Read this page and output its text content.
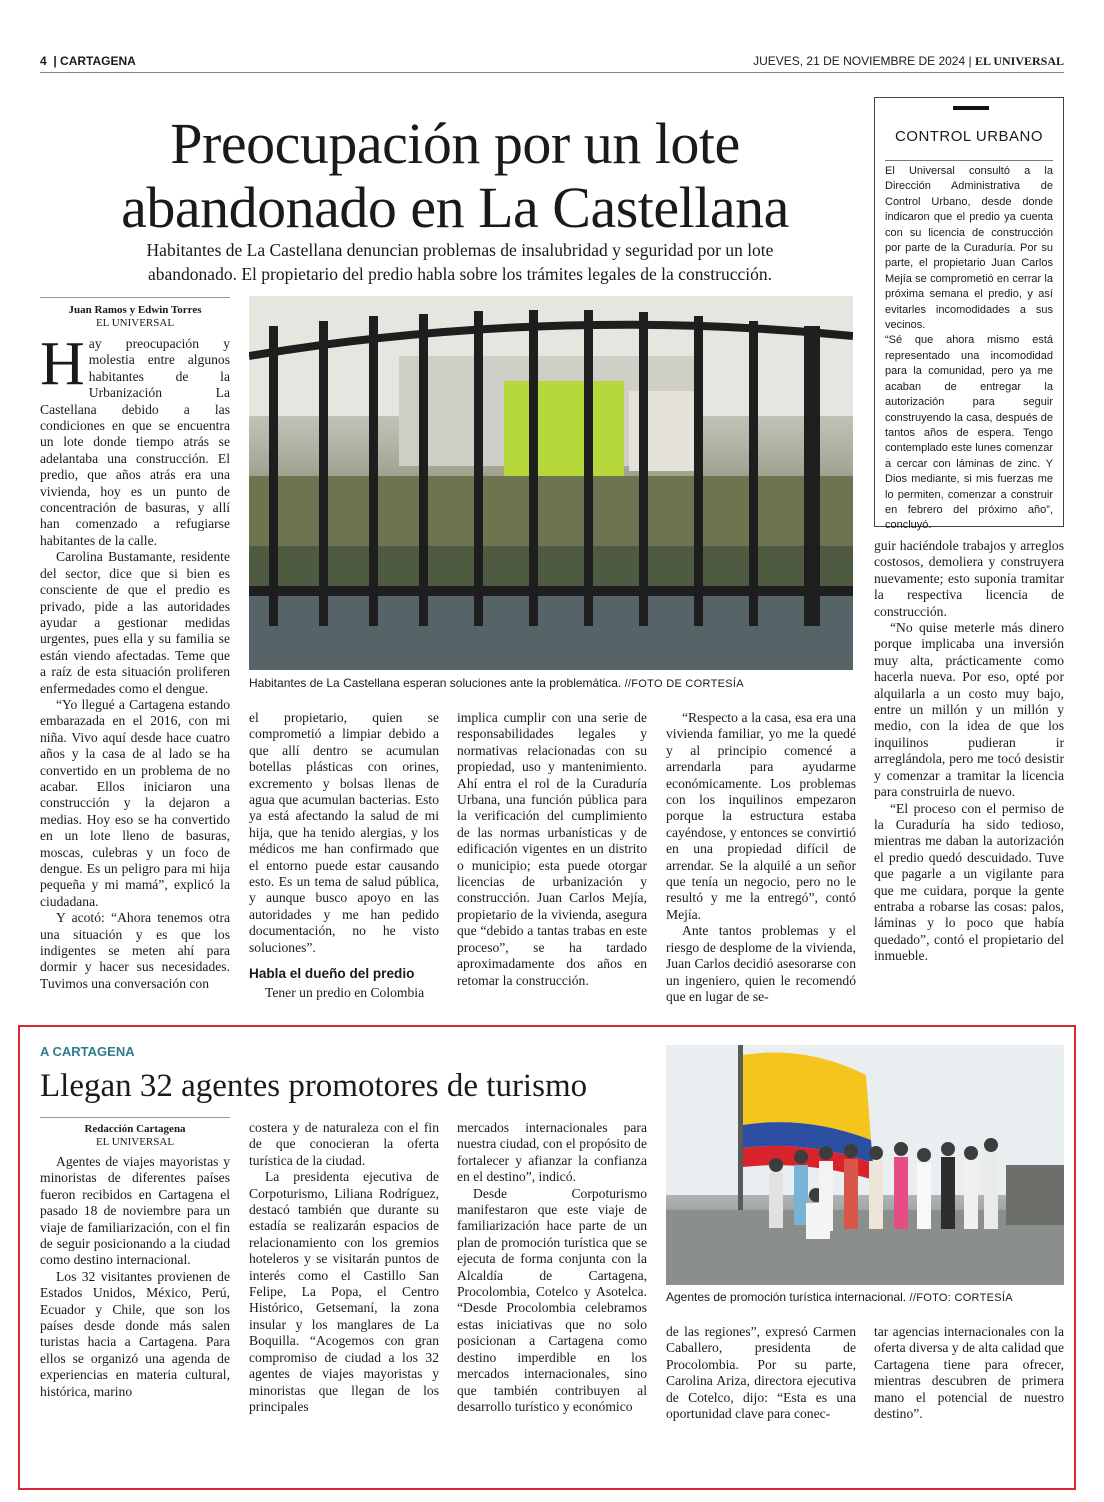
4  | CARTAGENA	JUEVES, 21 DE NOVIEMBRE DE 2024 | EL UNIVERSAL
Preocupación por un lote
abandonado en La Castellana
Habitantes de La Castellana denuncian problemas de insalubridad y seguridad por un lote
abandonado. El propietario del predio habla sobre los trámites legales de la construcción.
CONTROL URBANO

El Universal consultó a la Dirección Administrativa de Control Urbano, desde donde indicaron que el predio ya cuenta con su licencia de construcción por parte de la Curaduría. Por su parte, el propietario Juan Carlos Mejía se comprometió en cerrar la próxima semana el predio, y así evitarles incomodidades a sus vecinos.

“Sé que ahora mismo está representado una incomodidad para la comunidad, pero ya me acaban de entregar la autorización para seguir construyendo la casa, después de tantos años de espera. Tengo contemplado este lunes comenzar a cercar con láminas de zinc. Y Dios mediante, si mis fuerzas me lo permiten, comenzar a construir en febrero del próximo año”, concluyó.

Juan Ramos y Edwin Torres
EL UNIVERSAL

Hay preocupación y molestia entre algunos habitantes de la Urbanización La Castellana debido a las condiciones en que se encuentra un lote donde tiempo atrás se adelantaba una construcción. El predio, que años atrás era una vivienda, hoy es un punto de concentración de basuras, y allí han comenzado a refugiarse habitantes de la calle.

Carolina Bustamante, residente del sector, dice que si bien es consciente de que el predio es privado, pide a las autoridades ayudar a gestionar medidas urgentes, pues ella y su familia se están viendo afectadas. Teme que a raíz de esta situación proliferen enfermedades como el dengue.

“Yo llegué a Cartagena estando embarazada en el 2016, con mi niña. Vivo aquí desde hace cuatro años y la casa de al lado se ha convertido en un problema de no acabar. Ellos iniciaron una construcción y la dejaron a medias. Hoy eso se ha convertido en un lote lleno de basuras, moscas, culebras y un foco de dengue. Es un peligro para mi hija pequeña y mi mamá”, explicó la ciudadana.

Y acotó: “Ahora tenemos otra una situación y es que los indigentes se meten ahí para dormir y hacer sus necesidades. Tuvimos una conversación con

Habitantes de La Castellana esperan soluciones ante la problemática. //FOTO DE CORTESÍA

el propietario, quien se comprometió a limpiar debido a que allí dentro se acumulan botellas plásticas con orines, excremento y bolsas llenas de agua que acumulan bacterias. Esto ya está afectando la salud de mi hija, que ha tenido alergias, y los médicos me han confirmado que el entorno puede estar causando esto. Es un tema de salud pública, y aunque busco apoyo en las autoridades y me han pedido documentación, no he visto soluciones”.

Habla el dueño del predio

Tener un predio en Colombia

implica cumplir con una serie de responsabilidades legales y normativas relacionadas con su propiedad, uso y mantenimiento. Ahí entra el rol de la Curaduría Urbana, una función pública para la verificación del cumplimiento de las normas urbanísticas y de edificación vigentes en un distrito o municipio; esta puede otorgar licencias de urbanización y construcción. Juan Carlos Mejía, propietario de la vivienda, asegura que “debido a tantas trabas en este proceso”, se ha tardado aproximadamente dos años en retomar la construcción.

“Respecto a la casa, esa era una vivienda familiar, yo me la quedé y al principio comencé a arrendarla para ayudarme económicamente. Los problemas con los inquilinos empezaron porque la estructura estaba cayéndose, y entonces se convirtió en una propiedad difícil de arrendar. Se la alquilé a un señor que tenía un negocio, pero no le resultó y me la entregó”, contó Mejía.

Ante tantos problemas y el riesgo de desplome de la vivienda, Juan Carlos decidió asesorarse con un ingeniero, quien le recomendó que en lugar de se-

guir haciéndole trabajos y arreglos costosos, demoliera y construyera nuevamente; esto suponía tramitar la respectiva licencia de construcción.

“No quise meterle más dinero porque implicaba una inversión muy alta, prácticamente como hacerla nueva. Por eso, opté por alquilarla a un costo muy bajo, entre un millón y un millón y medio, con la idea de que los inquilinos pudieran ir arreglándola, pero me tocó desistir y comenzar a tramitar la licencia para construirla de nuevo.

“El proceso con el permiso de la Curaduría ha sido tedioso, mientras me daban la autorización el predio quedó descuidado. Tuve que pagarle a un vigilante para que me cuidara, porque la gente entraba a robarse las cosas: palos, láminas y lo poco que había quedado”, contó el propietario del inmueble.

A CARTAGENA
Llegan 32 agentes promotores de turismo
Redacción Cartagena
EL UNIVERSAL

Agentes de viajes mayoristas y minoristas de diferentes países fueron recibidos en Cartagena el pasado 18 de noviembre para un viaje de familiarización, con el fin de seguir posicionando a la ciudad como destino internacional.

Los 32 visitantes provienen de Estados Unidos, México, Perú, Ecuador y Chile, que son los países desde donde más salen turistas hacia a Cartagena. Para ellos se organizó una agenda de experiencias en materia cultural, histórica, marino

costera y de naturaleza con el fin de que conocieran la oferta turística de la ciudad.

La presidenta ejecutiva de Corpoturismo, Liliana Rodríguez, destacó también que durante su estadía se realizarán espacios de relacionamiento con los gremios hoteleros y se visitarán puntos de interés como el Castillo San Felipe, La Popa, el Centro Histórico, Getsemaní, la zona insular y los manglares de La Boquilla. “Acogemos con gran compromiso de ciudad a los 32 agentes de viajes mayoristas y minoristas que llegan de los principales

mercados internacionales para nuestra ciudad, con el propósito de fortalecer y afianzar la confianza en el destino”, indicó.

Desde Corpoturismo manifestaron que este viaje de familiarización hace parte de un plan de promoción turística que se ejecuta de forma conjunta con la Alcaldía de Cartagena, Procolombia, Cotelco y Asotelca. “Desde Procolombia celebramos estas iniciativas que no solo posicionan a Cartagena como destino imperdible en los mercados internacionales, sino que también contribuyen al desarrollo turístico y económico

Agentes de promoción turística internacional. //FOTO: CORTESÍA

de las regiones”, expresó Carmen Caballero, presidenta de Procolombia. Por su parte, Carolina Ariza, directora ejecutiva de Cotelco, dijo: “Esta es una oportunidad clave para conec-

tar agencias internacionales con la oferta diversa y de alta calidad que Cartagena tiene para ofrecer, mientras descubren de primera mano el potencial de nuestro destino”.
